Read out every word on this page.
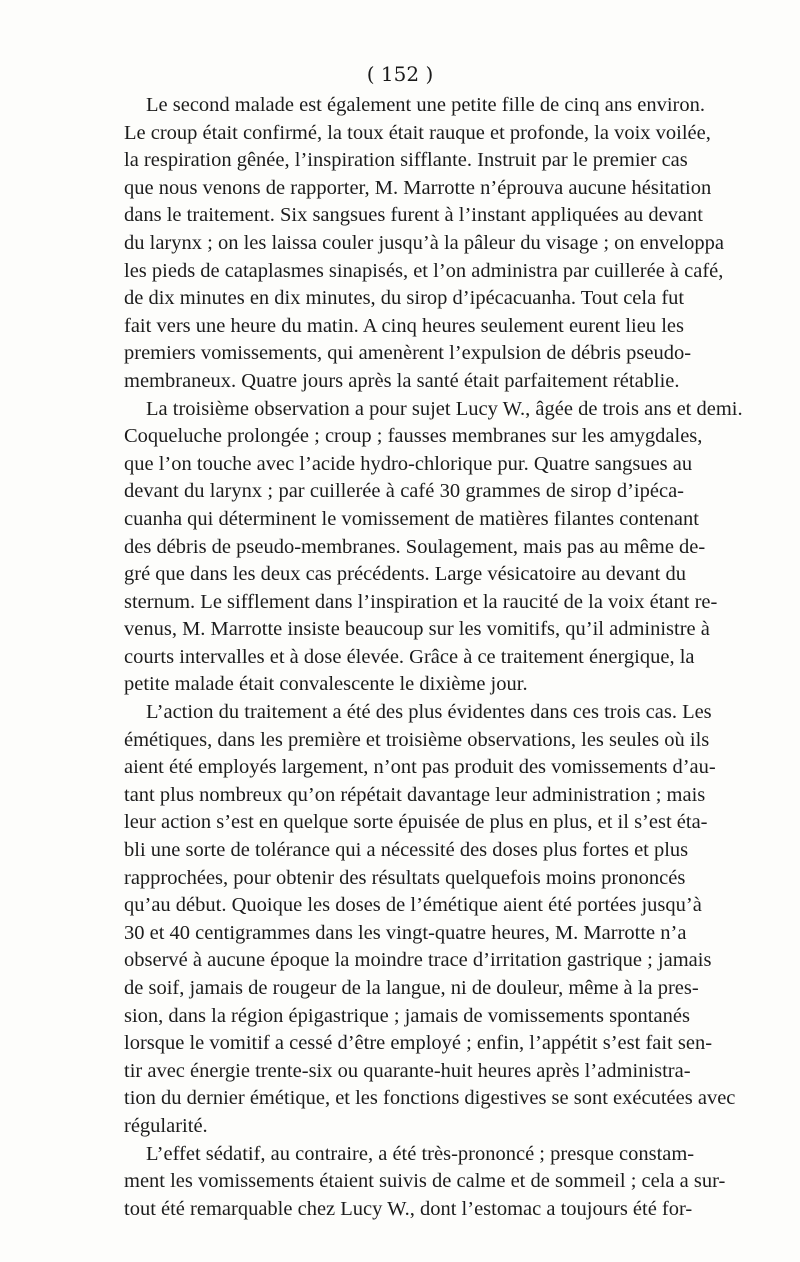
( 152 )
Le second malade est également une petite fille de cinq ans environ.
Le croup était confirmé, la toux était rauque et profonde, la voix voilée,
la respiration gênée, l’inspiration sifflante. Instruit par le premier cas
que nous venons de rapporter, M. Marrotte n’éprouva aucune hésitation
dans le traitement. Six sangsues furent à l’instant appliquées au devant
du larynx ; on les laissa couler jusqu’à la pâleur du visage ; on enveloppa
les pieds de cataplasmes sinapisés, et l’on administra par cuillerée à café,
de dix minutes en dix minutes, du sirop d’ipécacuanha. Tout cela fut
fait vers une heure du matin. A cinq heures seulement eurent lieu les
premiers vomissements, qui amenèrent l’expulsion de débris pseudo-
membraneux. Quatre jours après la santé était parfaitement rétablie.
La troisième observation a pour sujet Lucy W., âgée de trois ans et demi.
Coqueluche prolongée ; croup ; fausses membranes sur les amygdales,
que l’on touche avec l’acide hydro-chlorique pur. Quatre sangsues au
devant du larynx ; par cuillerée à café 30 grammes de sirop d’ipéca-
cuanha qui déterminent le vomissement de matières filantes contenant
des débris de pseudo-membranes. Soulagement, mais pas au même de-
gré que dans les deux cas précédents. Large vésicatoire au devant du
sternum. Le sifflement dans l’inspiration et la raucité de la voix étant re-
venus, M. Marrotte insiste beaucoup sur les vomitifs, qu’il administre à
courts intervalles et à dose élevée. Grâce à ce traitement énergique, la
petite malade était convalescente le dixième jour.
L’action du traitement a été des plus évidentes dans ces trois cas. Les
émétiques, dans les première et troisième observations, les seules où ils
aient été employés largement, n’ont pas produit des vomissements d’au-
tant plus nombreux qu’on répétait davantage leur administration ; mais
leur action s’est en quelque sorte épuisée de plus en plus, et il s’est éta-
bli une sorte de tolérance qui a nécessité des doses plus fortes et plus
rapprochées, pour obtenir des résultats quelquefois moins prononcés
qu’au début. Quoique les doses de l’émétique aient été portées jusqu’à
30 et 40 centigrammes dans les vingt-quatre heures, M. Marrotte n’a
observé à aucune époque la moindre trace d’irritation gastrique ; jamais
de soif, jamais de rougeur de la langue, ni de douleur, même à la pres-
sion, dans la région épigastrique ; jamais de vomissements spontanés
lorsque le vomitif a cessé d’être employé ; enfin, l’appétit s’est fait sen-
tir avec énergie trente-six ou quarante-huit heures après l’administra-
tion du dernier émétique, et les fonctions digestives se sont exécutées avec
régularité.
L’effet sédatif, au contraire, a été très-prononcé ; presque constam-
ment les vomissements étaient suivis de calme et de sommeil ; cela a sur-
tout été remarquable chez Lucy W., dont l’estomac a toujours été for-
